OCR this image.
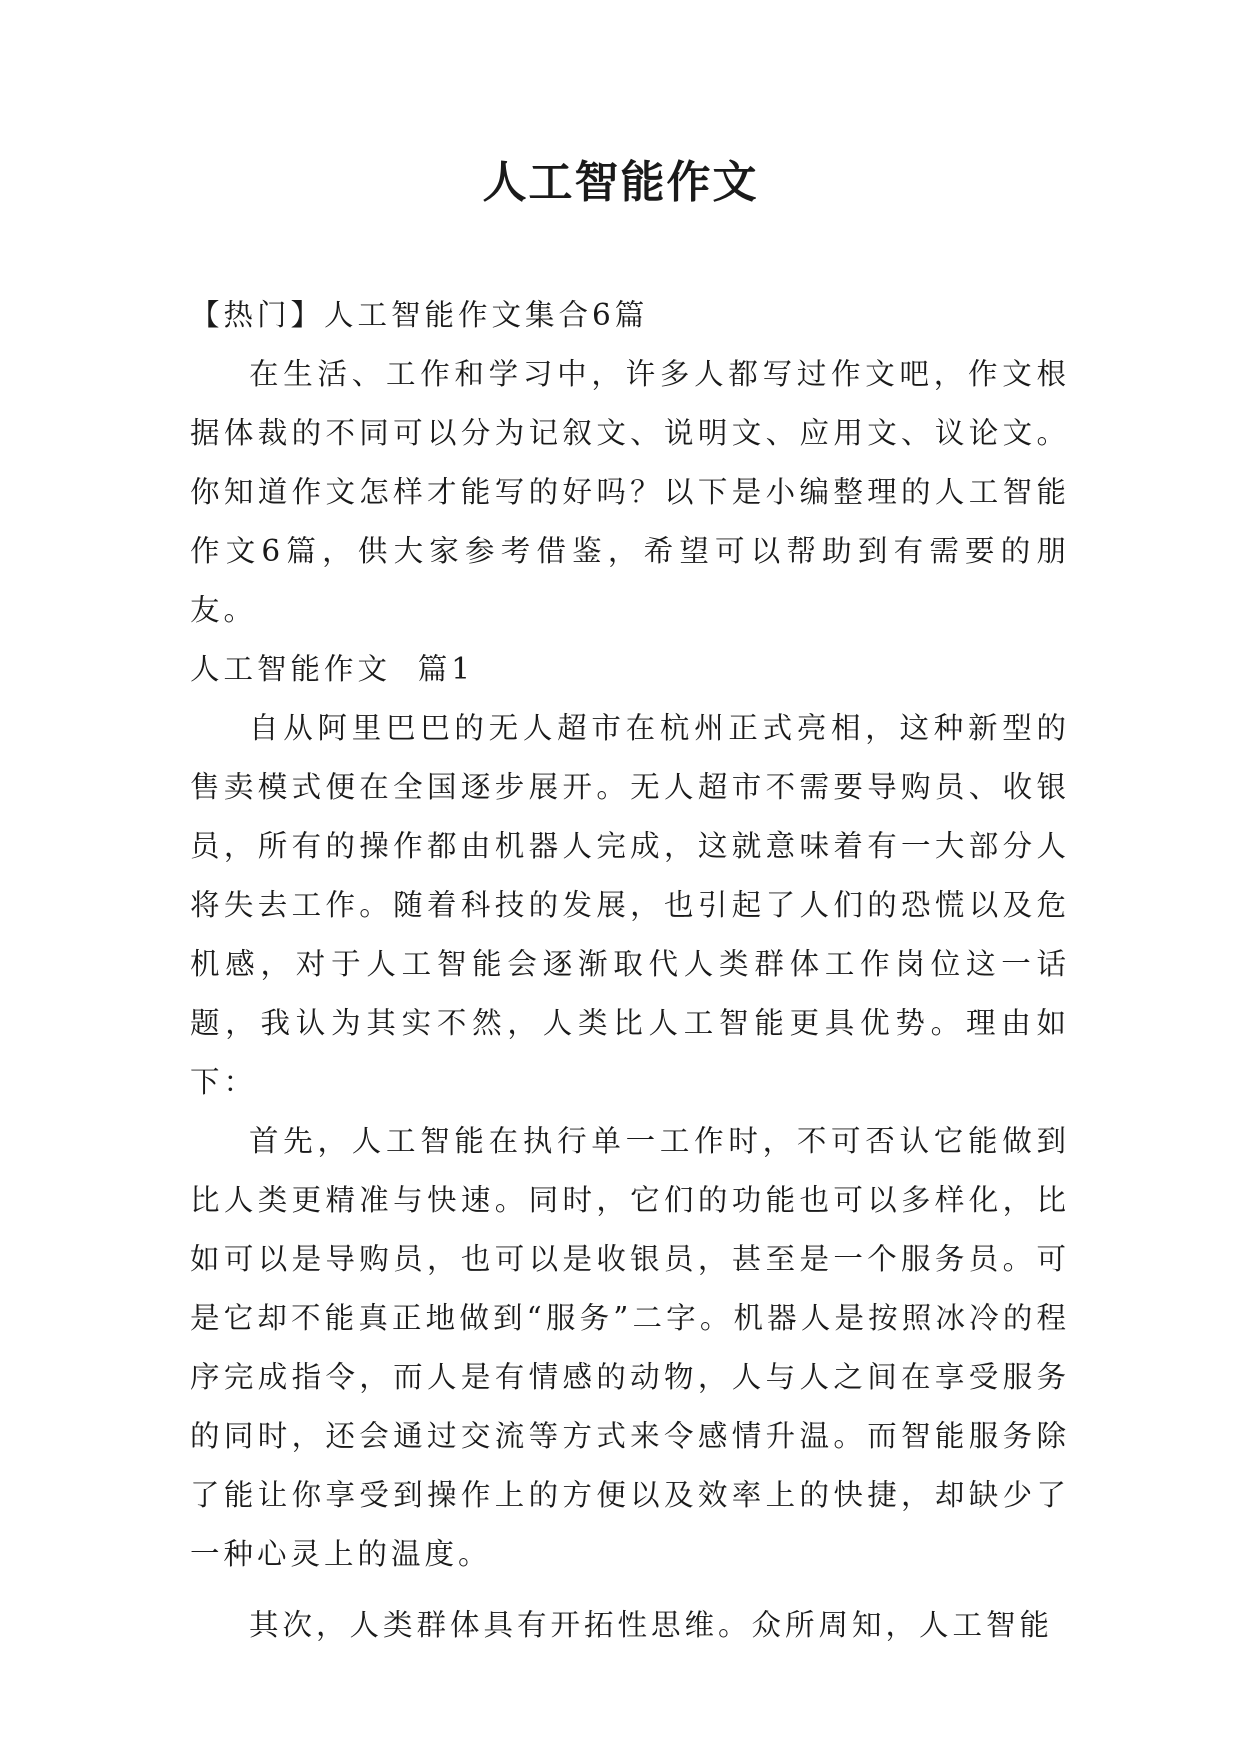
人工智能作文

【热门】人工智能作文集合6篇

在生活、工作和学习中，许多人都写过作文吧，作文根据体裁的不同可以分为记叙文、说明文、应用文、议论文。你知道作文怎样才能写的好吗？以下是小编整理的人工智能作文6篇，供大家参考借鉴，希望可以帮助到有需要的朋友。

人工智能作文  篇1

自从阿里巴巴的无人超市在杭州正式亮相，这种新型的售卖模式便在全国逐步展开。无人超市不需要导购员、收银员，所有的操作都由机器人完成，这就意味着有一大部分人将失去工作。随着科技的发展，也引起了人们的恐慌以及危机感，对于人工智能会逐渐取代人类群体工作岗位这一话题，我认为其实不然，人类比人工智能更具优势。理由如下：

首先，人工智能在执行单一工作时，不可否认它能做到比人类更精准与快速。同时，它们的功能也可以多样化，比如可以是导购员，也可以是收银员，甚至是一个服务员。可是它却不能真正地做到“服务”二字。机器人是按照冰冷的程序完成指令，而人是有情感的动物，人与人之间在享受服务的同时，还会通过交流等方式来令感情升温。而智能服务除了能让你享受到操作上的方便以及效率上的快捷，却缺少了一种心灵上的温度。

其次，人类群体具有开拓性思维。众所周知，人工智能
